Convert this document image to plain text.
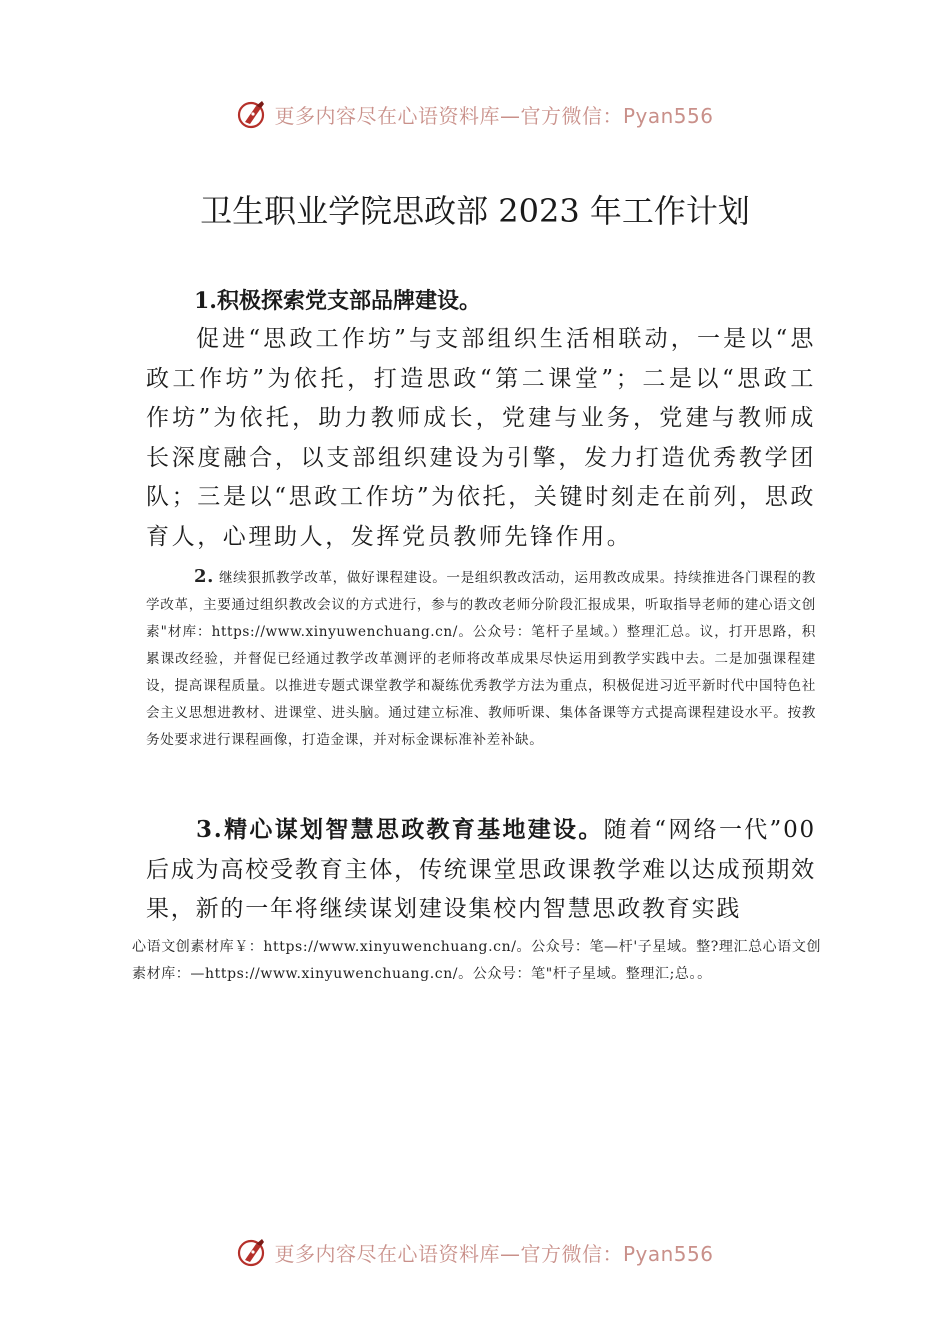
更多内容尽在心语资料库—官方微信：Pyan556
卫生职业学院思政部 2023 年工作计划
1.积极探索党支部品牌建设。
促进“思政工作坊”与支部组织生活相联动，一是以“思政工作坊”为依托，打造思政“第二课堂”；二是以“思政工作坊”为依托，助力教师成长，党建与业务，党建与教师成长深度融合，以支部组织建设为引擎，发力打造优秀教学团队；三是以“思政工作坊”为依托，关键时刻走在前列，思政育人，心理助人，发挥党员教师先锋作用。
2. 继续狠抓教学改革，做好课程建设。一是组织教改活动，运用教改成果。持续推进各门课程的教学改革，主要通过组织教改会议的方式进行，参与的教改老师分阶段汇报成果，听取指导老师的建心语文创素"材库：https://www.xinyuwenchuang.cn/。公众号：笔杆子星域。）整理汇总。议，打开思路，积累课改经验，并督促已经通过教学改革测评的老师将改革成果尽快运用到教学实践中去。二是加强课程建设，提高课程质量。以推进专题式课堂教学和凝练优秀教学方法为重点，积极促进习近平新时代中国特色社会主义思想进教材、进课堂、进头脑。通过建立标准、教师听课、集体备课等方式提高课程建设水平。按教务处要求进行课程画像，打造金课，并对标金课标准补差补缺。
3.精心谋划智慧思政教育基地建设。随着“网络一代”00后成为高校受教育主体，传统课堂思政课教学难以达成预期效果，新的一年将继续谋划建设集校内智慧思政教育实践
心语文创素材库￥：https://www.xinyuwenchuang.cn/。公众号：笔—杆'子星域。整?理汇总心语文创素材库：—https://www.xinyuwenchuang.cn/。公众号：笔"杆子星域。整理汇;总。。
更多内容尽在心语资料库—官方微信：Pyan556
